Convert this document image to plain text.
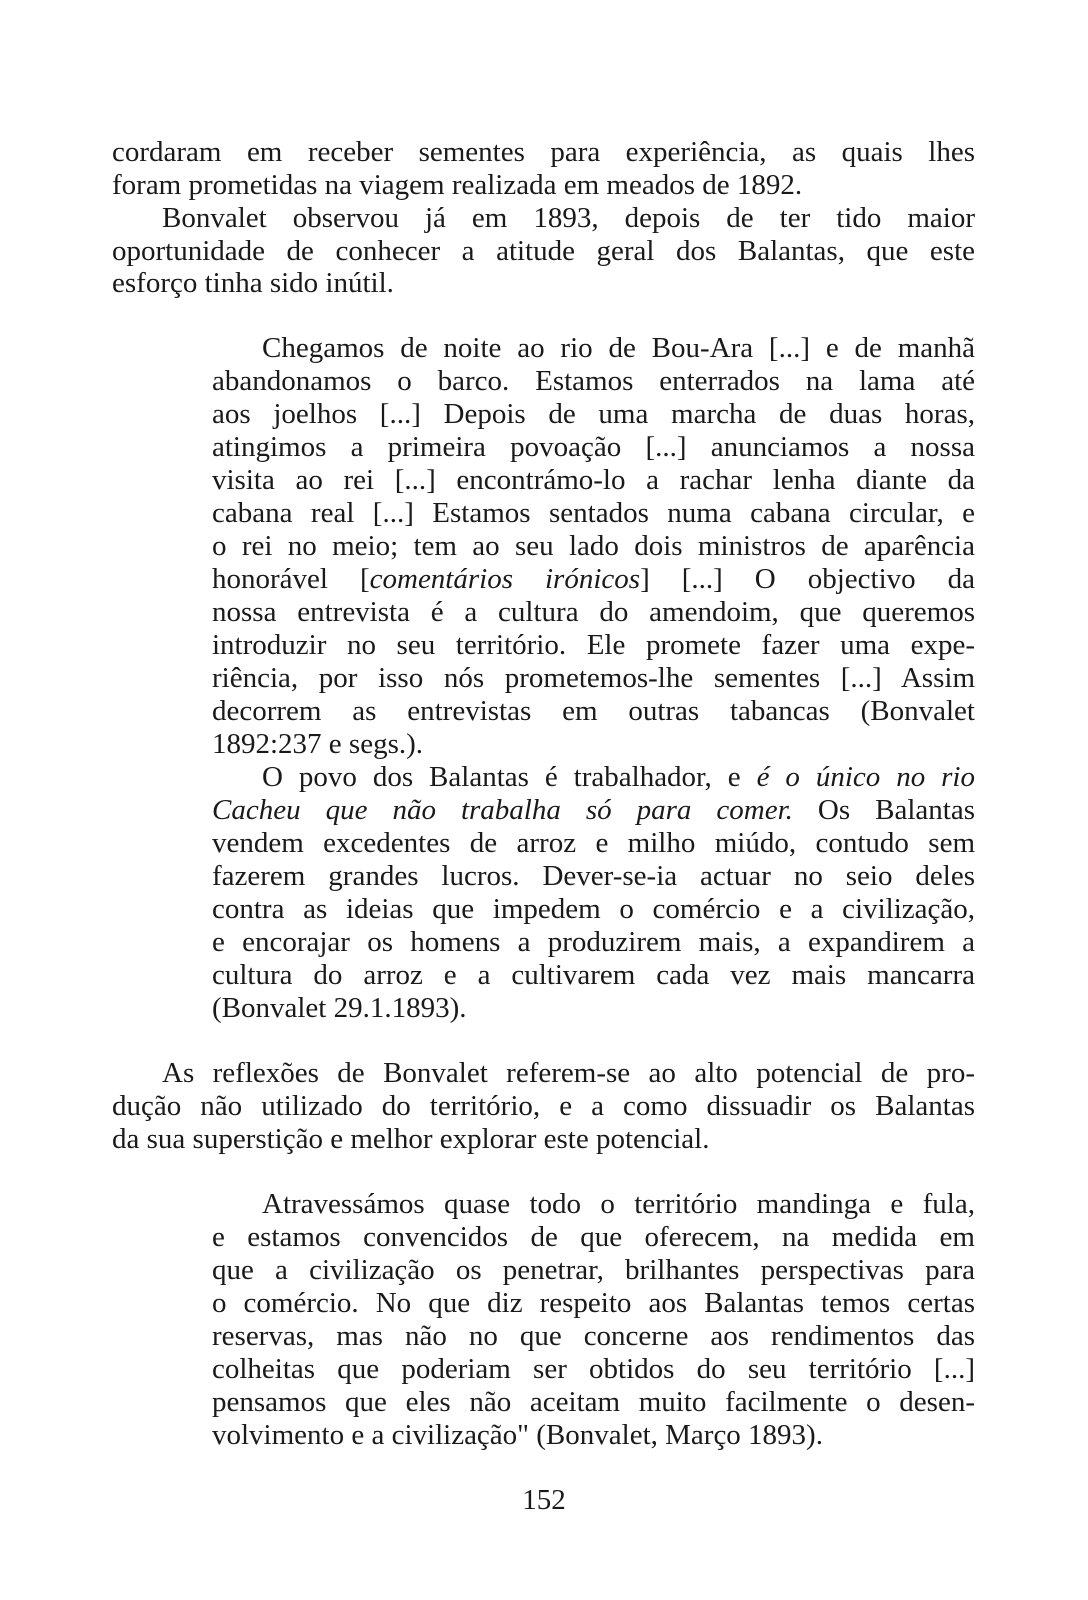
152
cordaram em receber sementes para experiência, as quais lhes
foram prometidas na viagem realizada em meados de 1892.
Bonvalet observou já em 1893, depois de ter tido maior
oportunidade de conhecer a atitude geral dos Balantas, que este
esforço tinha sido inútil.
Chegamos de noite ao rio de Bou-Ara [...] e de manhã
abandonamos o barco. Estamos enterrados na lama até
aos joelhos [...] Depois de uma marcha de duas horas,
atingimos a primeira povoação [...] anunciamos a nossa
visita ao rei [...] encontrámo-lo a rachar lenha diante da
cabana real [...] Estamos sentados numa cabana circular, e
o rei no meio; tem ao seu lado dois ministros de aparência
honorável [comentários irónicos] [...] O objectivo da
nossa entrevista é a cultura do amendoim, que queremos
introduzir no seu território. Ele promete fazer uma expe-
riência, por isso nós prometemos-lhe sementes [...] Assim
decorrem as entrevistas em outras tabancas (Bonvalet
1892:237 e segs.).
O povo dos Balantas é trabalhador, e é o único no rio
Cacheu que não trabalha só para comer. Os Balantas
vendem excedentes de arroz e milho miúdo, contudo sem
fazerem grandes lucros. Dever-se-ia actuar no seio deles
contra as ideias que impedem o comércio e a civilização,
e encorajar os homens a produzirem mais, a expandirem a
cultura do arroz e a cultivarem cada vez mais mancarra
(Bonvalet 29.1.1893).
As reflexões de Bonvalet referem-se ao alto potencial de pro-
dução não utilizado do território, e a como dissuadir os Balantas
da sua superstição e melhor explorar este potencial.
Atravessámos quase todo o território mandinga e fula,
e estamos convencidos de que oferecem, na medida em
que a civilização os penetrar, brilhantes perspectivas para
o comércio. No que diz respeito aos Balantas temos certas
reservas, mas não no que concerne aos rendimentos das
colheitas que poderiam ser obtidos do seu território [...]
pensamos que eles não aceitam muito facilmente o desen-
volvimento e a civilização" (Bonvalet, Março 1893).
